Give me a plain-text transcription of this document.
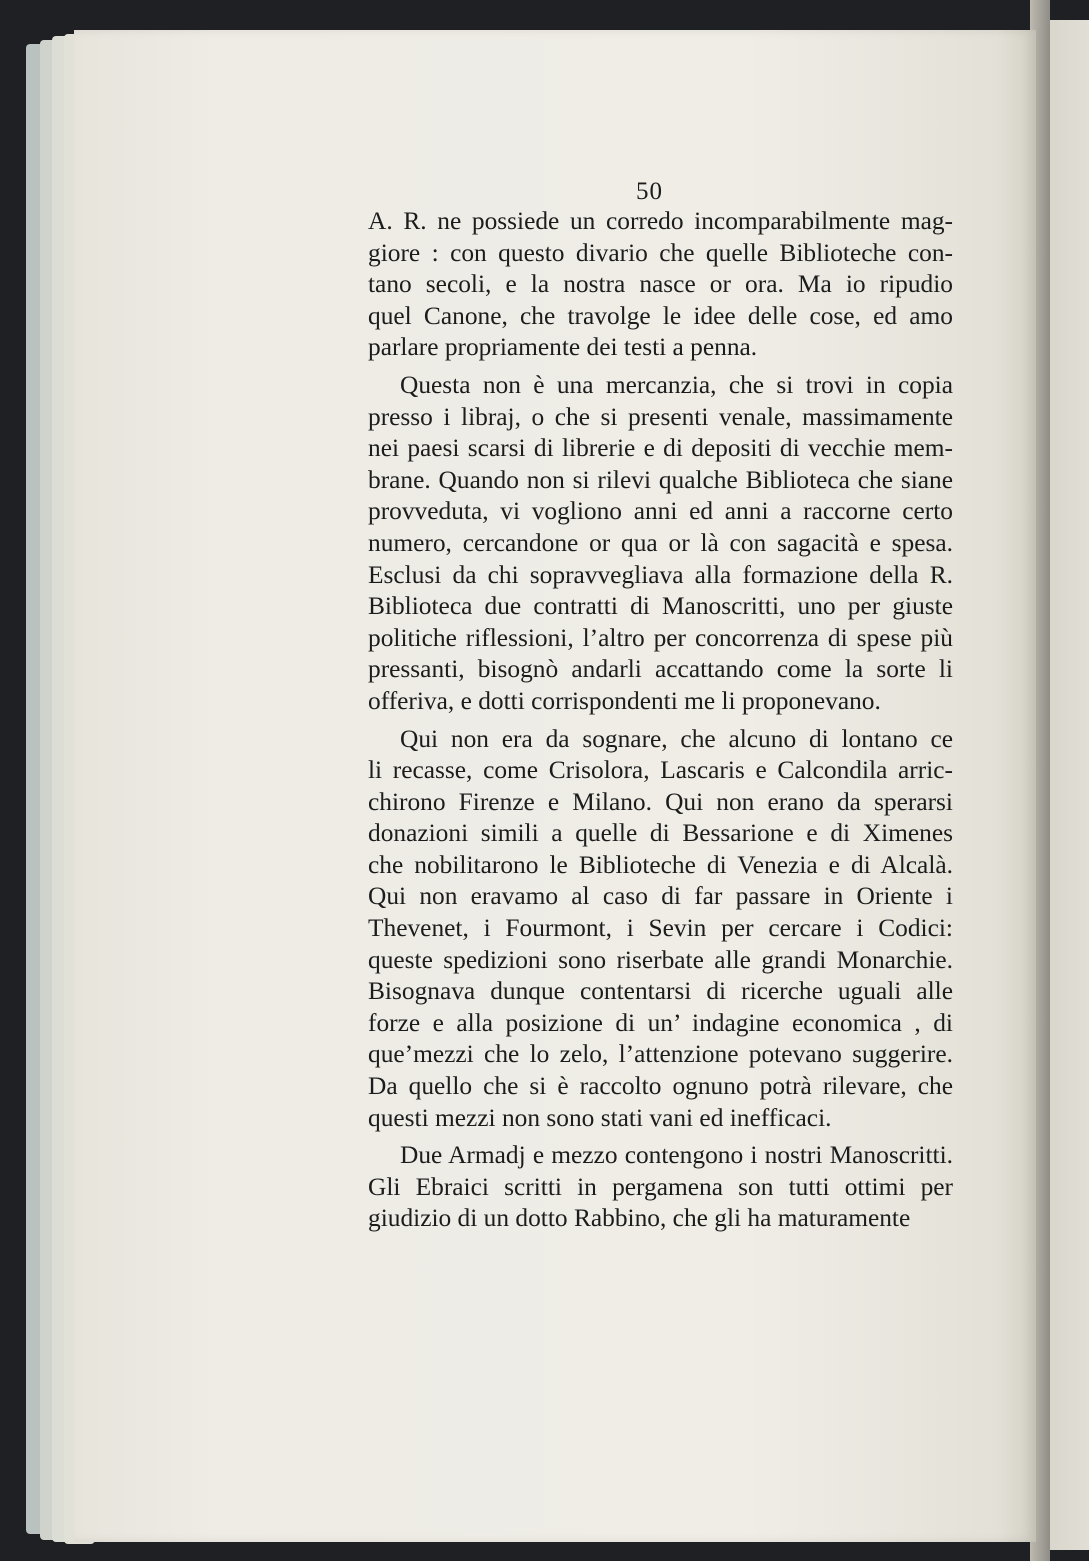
50
A. R. ne possiede un corredo incomparabilmente mag-
giore : con questo divario che quelle Biblioteche con-
tano secoli, e la nostra nasce or ora. Ma io ripudio
quel Canone, che travolge le idee delle cose, ed amo
parlare propriamente dei testi a penna.
Questa non è una mercanzia, che si trovi in copia
presso i libraj, o che si presenti venale, massimamente
nei paesi scarsi di librerie e di depositi di vecchie mem-
brane. Quando non si rilevi qualche Biblioteca che siane
provveduta, vi vogliono anni ed anni a raccorne certo
numero, cercandone or qua or là con sagacità e spesa.
Esclusi da chi sopravvegliava alla formazione della R.
Biblioteca due contratti di Manoscritti, uno per giuste
politiche riflessioni, l’altro per concorrenza di spese più
pressanti, bisognò andarli accattando come la sorte li
offeriva, e dotti corrispondenti me li proponevano.
Qui non era da sognare, che alcuno di lontano ce
li recasse, come Crisolora, Lascaris e Calcondila arric-
chirono Firenze e Milano. Qui non erano da sperarsi
donazioni simili a quelle di Bessarione e di Ximenes
che nobilitarono le Biblioteche di Venezia e di Alcalà.
Qui non eravamo al caso di far passare in Oriente i
Thevenet, i Fourmont, i Sevin per cercare i Codici:
queste spedizioni sono riserbate alle grandi Monarchie.
Bisognava dunque contentarsi di ricerche uguali alle
forze e alla posizione di un’ indagine economica , di
que’mezzi che lo zelo, l’attenzione potevano suggerire.
Da quello che si è raccolto ognuno potrà rilevare, che
questi mezzi non sono stati vani ed inefficaci.
Due Armadj e mezzo contengono i nostri Manoscritti.
Gli Ebraici scritti in pergamena son tutti ottimi per
giudizio di un dotto Rabbino, che gli ha maturamente
